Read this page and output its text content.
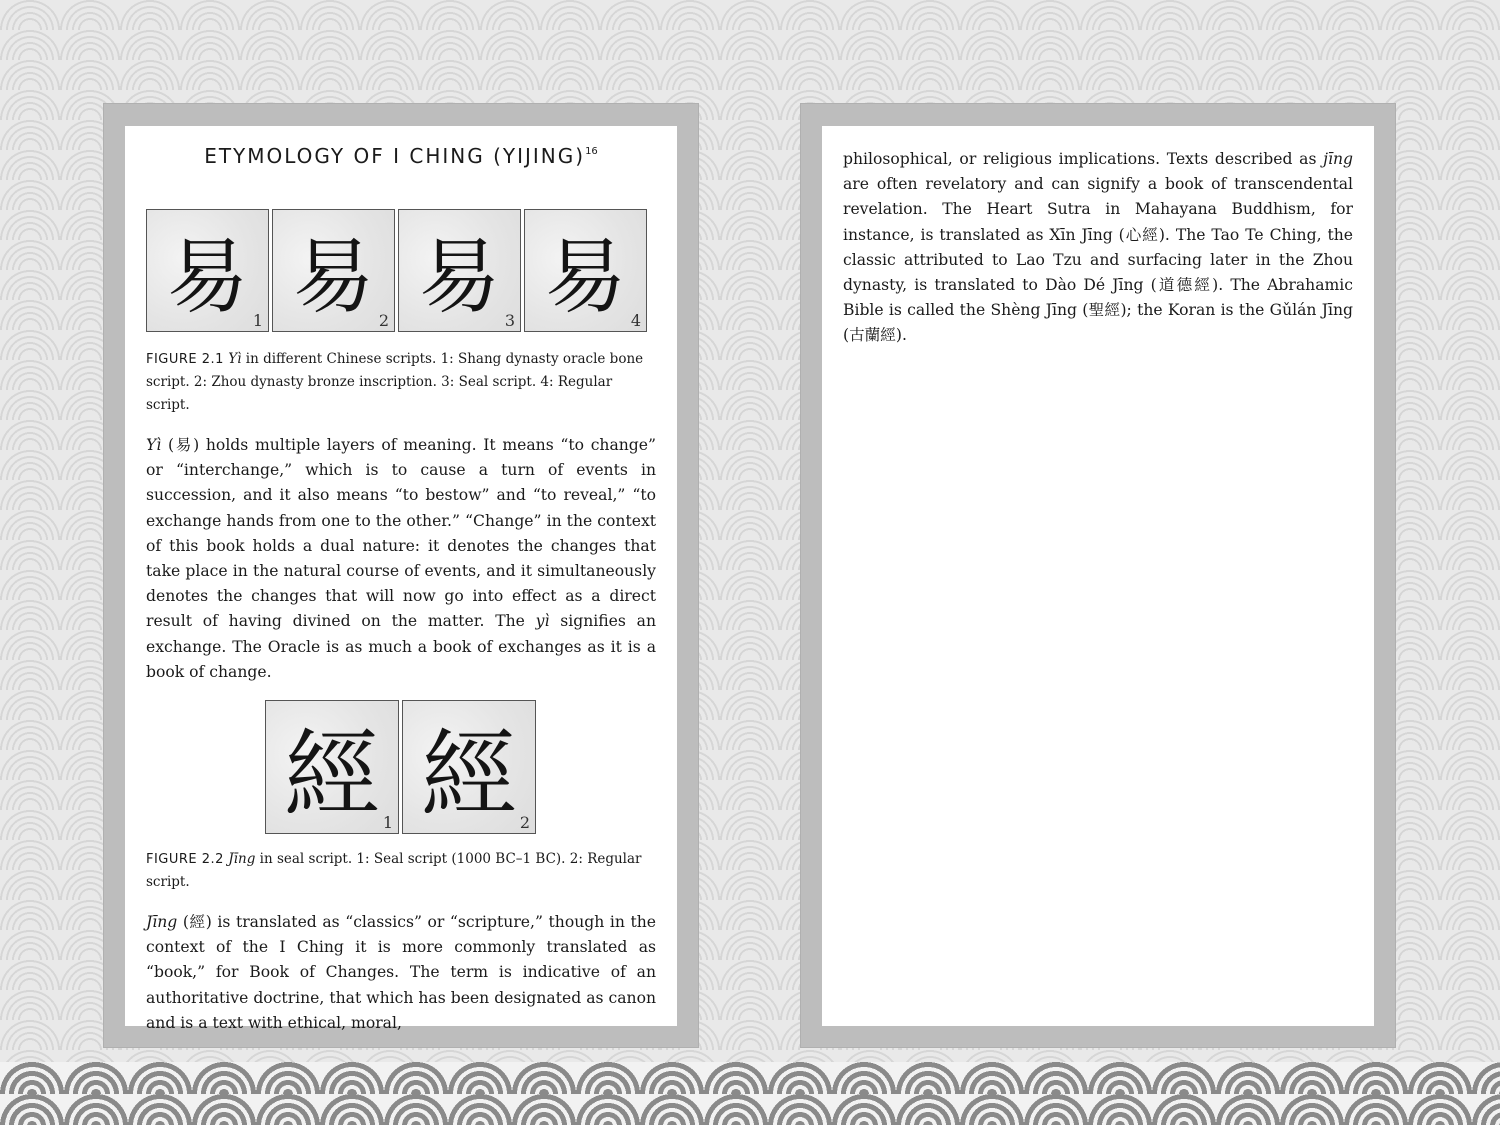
ETYMOLOGY OF I CHING (YIJING)$^{16}$
易 1 易 2 易 3 易 4
FIGURE 2.1 Yì in different Chinese scripts. 1: Shang dynasty oracle bone script. 2: Zhou dynasty bronze inscription. 3: Seal script. 4: Regular script.

Yì (易) holds multiple layers of meaning. It means “to change” or “interchange,” which is to cause a turn of events in succession, and it also means “to bestow” and “to reveal,” “to exchange hands from one to the other.” “Change” in the context of this book holds a dual nature: it denotes the changes that take place in the natural course of events, and it simultaneously denotes the changes that will now go into effect as a direct result of having divined on the matter. The yì signifies an exchange. The Oracle is as much a book of exchanges as it is a book of change.

經 1 經 2
FIGURE 2.2 Jīng in seal script. 1: Seal script (1000 BC–1 BC). 2: Regular script.

Jīng (經) is translated as “classics” or “scripture,” though in the context of the I Ching it is more commonly translated as “book,” for Book of Changes. The term is indicative of an authoritative doctrine, that which has been designated as canon and is a text with ethical, moral,

philosophical, or religious implications. Texts described as jīng are often revelatory and can signify a book of transcendental revelation. The Heart Sutra in Mahayana Buddhism, for instance, is translated as Xīn Jīng (心經). The Tao Te Ching, the classic attributed to Lao Tzu and surfacing later in the Zhou dynasty, is translated to Dào Dé Jīng (道德經). The Abrahamic Bible is called the Shèng Jīng (聖經); the Koran is the Gǔlán Jīng (古蘭經).
